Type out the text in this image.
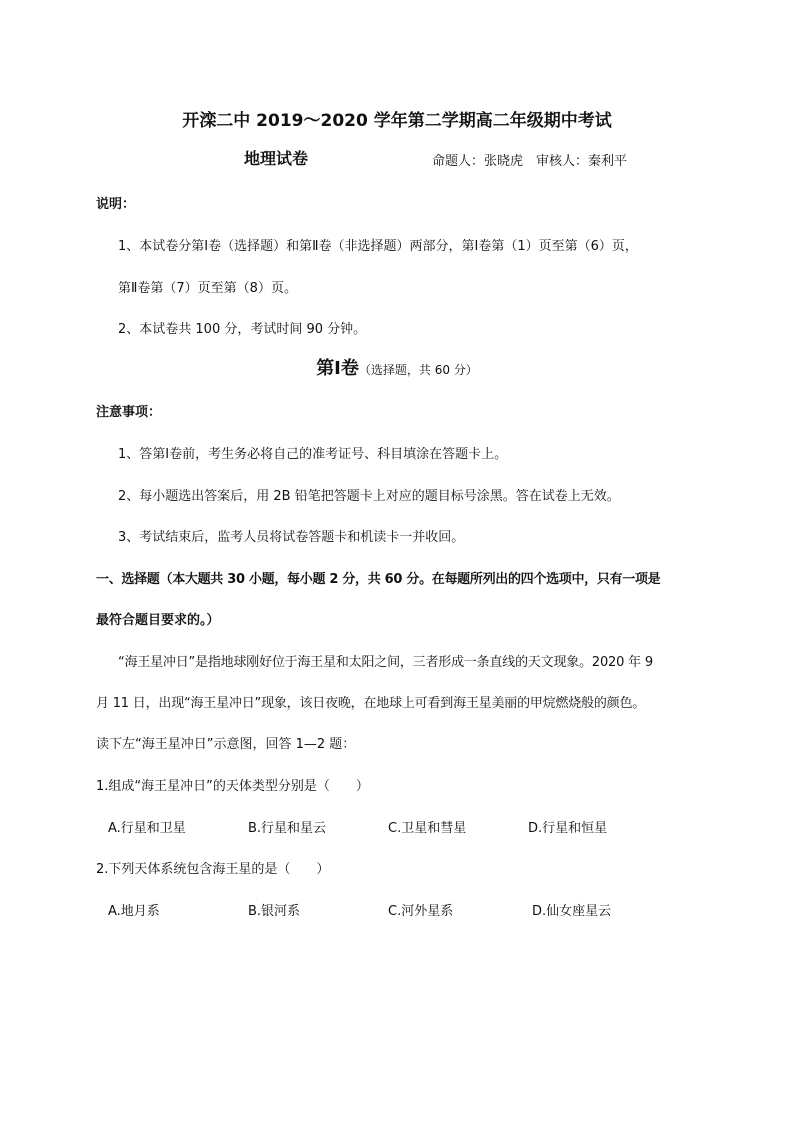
开滦二中 2019～2020 学年第二学期高二年级期中考试
地理试卷	命题人：张晓虎　审核人：秦利平
说明：
1、本试卷分第Ⅰ卷（选择题）和第Ⅱ卷（非选择题）两部分，第Ⅰ卷第（1）页至第（6）页，
第Ⅱ卷第（7）页至第（8）页。
2、本试卷共 100 分，考试时间 90 分钟。
第Ⅰ卷（选择题，共 60 分）
注意事项：
1、答第Ⅰ卷前，考生务必将自己的准考证号、科目填涂在答题卡上。
2、每小题选出答案后，用 2B 铅笔把答题卡上对应的题目标号涂黑。答在试卷上无效。
3、考试结束后，监考人员将试卷答题卡和机读卡一并收回。
一、选择题（本大题共 30 小题，每小题 2 分，共 60 分。在每题所列出的四个选项中，只有一项是
最符合题目要求的。）
“海王星冲日”是指地球刚好位于海王星和太阳之间，三者形成一条直线的天文现象。2020 年 9
月 11 日，出现“海王星冲日”现象，该日夜晚，在地球上可看到海王星美丽的甲烷燃烧般的颜色。
读下左“海王星冲日”示意图，回答 1—2 题：
1.组成“海王星冲日”的天体类型分别是（　　）
A.行星和卫星	B.行星和星云	C.卫星和彗星	D.行星和恒星
2.下列天体系统包含海王星的是（　　）
A.地月系	B.银河系	C.河外星系	D.仙女座星云
